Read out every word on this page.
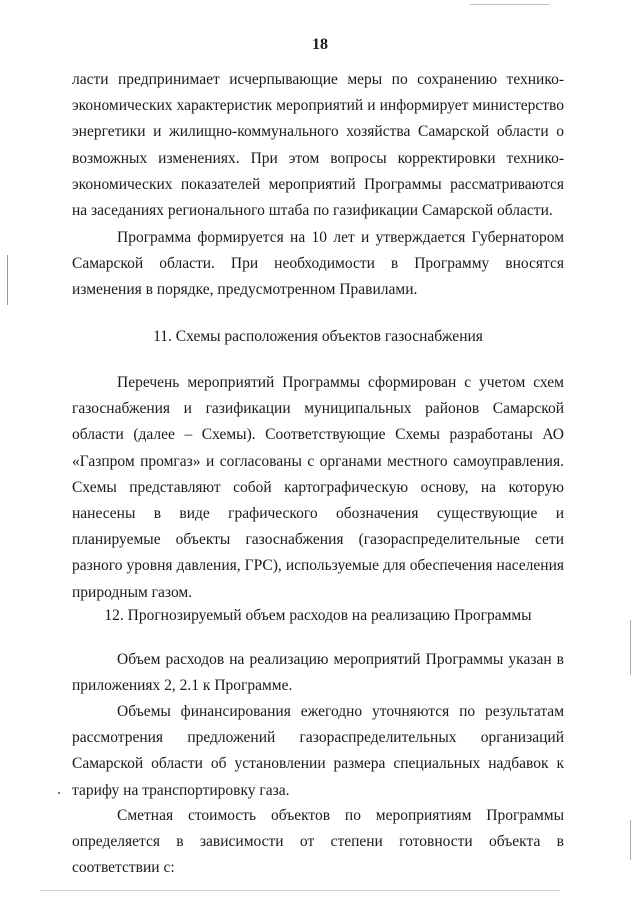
18

ласти предпринимает исчерпывающие меры по сохранению технико-экономических характеристик мероприятий и информирует министерство энергетики и жилищно-коммунального хозяйства Самарской области о возможных изменениях. При этом вопросы корректировки технико-экономических показателей мероприятий Программы рассматриваются на заседаниях регионального штаба по газификации Самарской области.

Программа формируется на 10 лет и утверждается Губернатором Самарской области. При необходимости в Программу вносятся изменения в порядке, предусмотренном Правилами.

11. Схемы расположения объектов газоснабжения

Перечень мероприятий Программы сформирован с учетом схем газоснабжения и газификации муниципальных районов Самарской области (далее – Схемы). Соответствующие Схемы разработаны АО «Газпром промгаз» и согласованы с органами местного самоуправления. Схемы представляют собой картографическую основу, на которую нанесены в виде графического обозначения существующие и планируемые объекты газоснабжения (газораспределительные сети разного уровня давления, ГРС), используемые для обеспечения населения природным газом.

12. Прогнозируемый объем расходов на реализацию Программы

Объем расходов на реализацию мероприятий Программы указан в приложениях 2, 2.1 к Программе.

Объемы финансирования ежегодно уточняются по результатам рассмотрения предложений газораспределительных организаций Самарской области об установлении размера специальных надбавок к тарифу на транспортировку газа.

Сметная стоимость объектов по мероприятиям Программы определяется в зависимости от степени готовности объекта в соответствии с:
